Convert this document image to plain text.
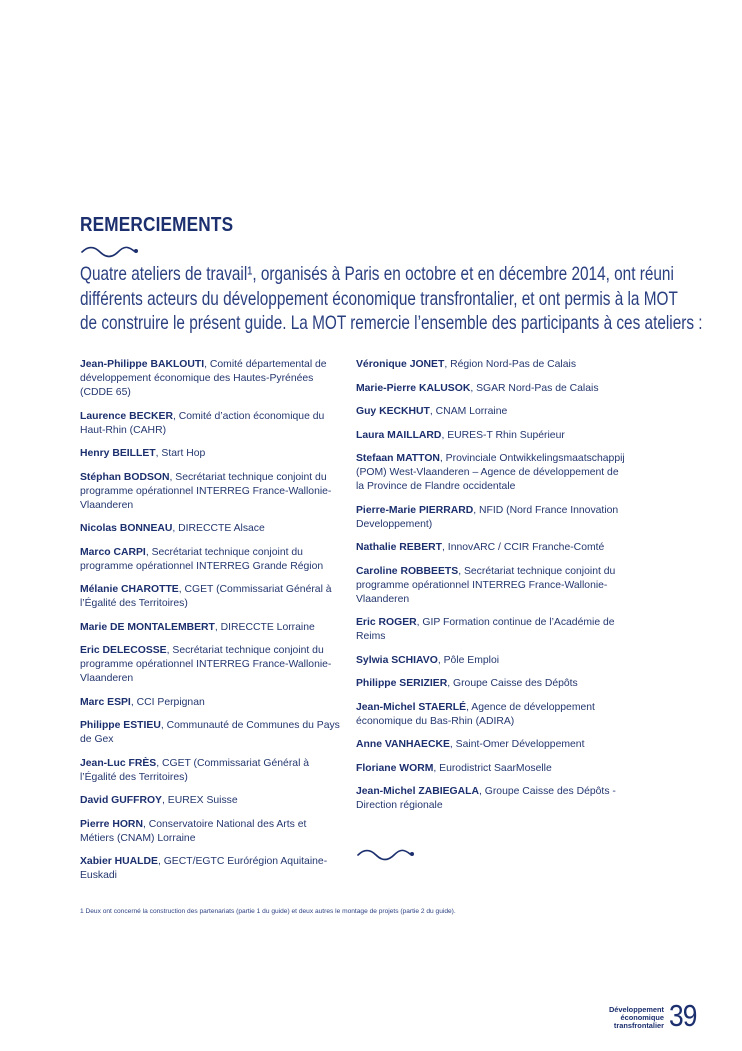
REMERCIEMENTS

Quatre ateliers de travail¹, organisés à Paris en octobre et en décembre 2014, ont réuni
différents acteurs du développement économique transfrontalier, et ont permis à la MOT
de construire le présent guide. La MOT remercie l’ensemble des participants à ces ateliers :

Jean-Philippe BAKLOUTI, Comité départemental de développement économique des Hautes-Pyrénées (CDDE 65)

Laurence BECKER, Comité d’action économique du Haut-Rhin (CAHR)

Henry BEILLET, Start Hop

Stéphan BODSON, Secrétariat technique conjoint du programme opérationnel INTERREG France-Wallonie-Vlaanderen

Nicolas BONNEAU, DIRECCTE Alsace

Marco CARPI, Secrétariat technique conjoint du programme opérationnel INTERREG Grande Région

Mélanie CHAROTTE, CGET (Commissariat Général à l’Égalité des Territoires)

Marie DE MONTALEMBERT, DIRECCTE Lorraine

Eric DELECOSSE, Secrétariat technique conjoint du programme opérationnel INTERREG France-Wallonie-Vlaanderen

Marc ESPI, CCI Perpignan

Philippe ESTIEU, Communauté de Communes du Pays de Gex

Jean-Luc FRÈS, CGET (Commissariat Général à l’Égalité des Territoires)

David GUFFROY, EUREX Suisse

Pierre HORN, Conservatoire National des Arts et Métiers (CNAM) Lorraine

Xabier HUALDE, GECT/EGTC Eurórégion Aquitaine-Euskadi

Véronique JONET, Région Nord-Pas de Calais

Marie-Pierre KALUSOK, SGAR Nord-Pas de Calais

Guy KECKHUT, CNAM Lorraine

Laura MAILLARD, EURES-T Rhin Supérieur

Stefaan MATTON, Provinciale Ontwikkelingsmaatschappij (POM) West-Vlaanderen – Agence de développement de la Province de Flandre occidentale

Pierre-Marie PIERRARD, NFID (Nord France Innovation Developpement)

Nathalie REBERT, InnovARC / CCIR Franche-Comté

Caroline ROBBEETS, Secrétariat technique conjoint du programme opérationnel INTERREG France-Wallonie-Vlaanderen

Eric ROGER, GIP Formation continue de l’Académie de Reims

Sylwia SCHIAVO, Pôle Emploi

Philippe SERIZIER, Groupe Caisse des Dépôts

Jean-Michel STAERLÉ, Agence de développement économique du Bas-Rhin (ADIRA)

Anne VANHAECKE, Saint-Omer Développement

Floriane WORM, Eurodistrict SaarMoselle

Jean-Michel ZABIEGALA, Groupe Caisse des Dépôts - Direction régionale

1 Deux ont concerné la construction des partenariats (partie 1 du guide) et deux autres le montage de projets (partie 2 du guide).
Développement
économique
transfrontalier 39
